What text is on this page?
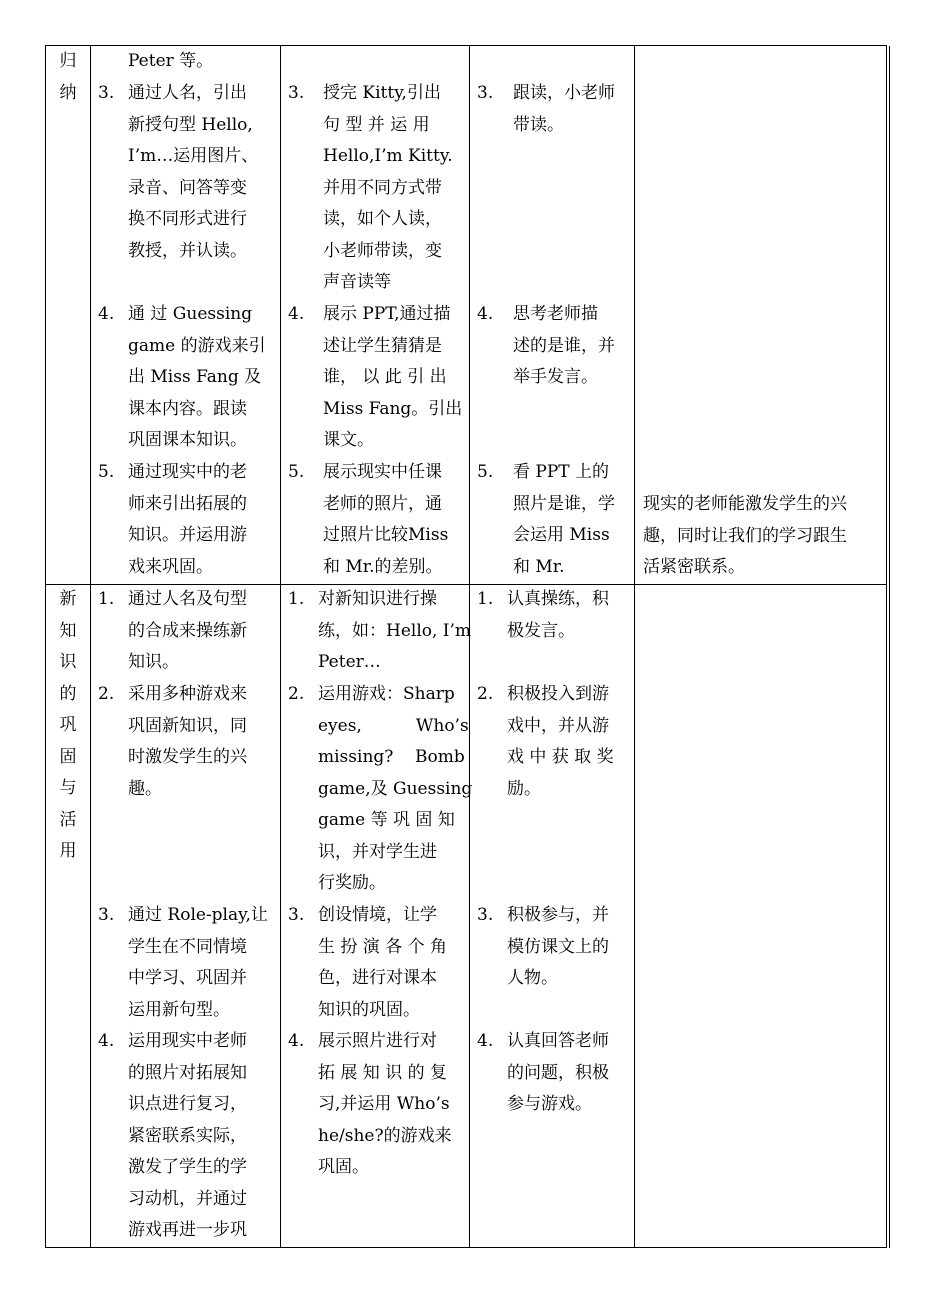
归
纳
Peter 等。
3. 通过人名，引出
新授句型 Hello,
I’m…运用图片、
录音、问答等变
换不同形式进行
教授，并认读。
3. 授完 Kitty,引出
句 型 并 运 用
Hello,I’m Kitty.
并用不同方式带
读，如个人读，
小老师带读，变
声音读等
3. 跟读，小老师
带读。
4. 通 过 Guessing
game 的游戏来引
出 Miss Fang 及
课本内容。跟读
巩固课本知识。
4. 展示 PPT,通过描
述让学生猜猜是
谁， 以 此 引 出
Miss Fang。引出
课文。
4. 思考老师描
述的是谁，并
举手发言。
5. 通过现实中的老
师来引出拓展的
知识。并运用游
戏来巩固。
5. 展示现实中任课
老师的照片，通
过照片比较Miss
和 Mr.的差别。
5. 看 PPT 上的
照片是谁，学
会运用 Miss
和 Mr.
现实的老师能激发学生的兴
趣，同时让我们的学习跟生
活紧密联系。
新
知
识
的
巩
固
与
活
用
1. 通过人名及句型
的合成来操练新
知识。
1. 对新知识进行操
练，如：Hello, I’m
Peter…
1. 认真操练，积
极发言。
2. 采用多种游戏来
巩固新知识，同
时激发学生的兴
趣。
2. 运用游戏：Sharp
eyes,          Who’s
missing?    Bomb
game,及 Guessing
game 等 巩 固 知
识，并对学生进
行奖励。
2. 积极投入到游
戏中，并从游
戏 中 获 取 奖
励。
3. 通过 Role-play,让
学生在不同情境
中学习、巩固并
运用新句型。
3. 创设情境，让学
生 扮 演 各 个 角
色，进行对课本
知识的巩固。
3. 积极参与，并
模仿课文上的
人物。
4. 运用现实中老师
的照片对拓展知
识点进行复习，
紧密联系实际，
激发了学生的学
习动机，并通过
游戏再进一步巩
4. 展示照片进行对
拓 展 知 识 的 复
习,并运用 Who’s
he/she?的游戏来
巩固。
4. 认真回答老师
的问题，积极
参与游戏。
